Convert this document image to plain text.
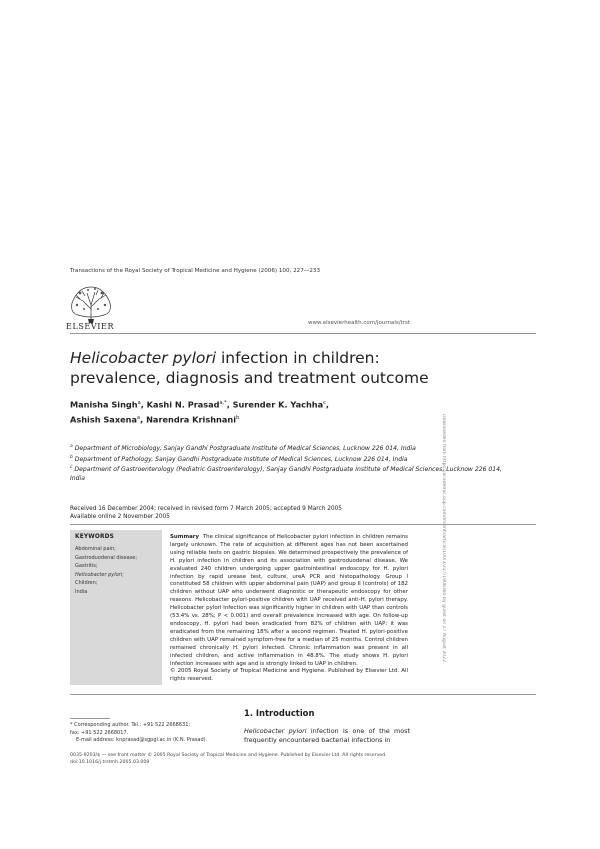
Transactions of the Royal Society of Tropical Medicine and Hygiene (2006) 100, 227—233
ELSEVIER	www.elsevierhealth.com/journals/trst
Helicobacter pylori infection in children:
prevalence, diagnosis and treatment outcome
Manisha Singh$^a$, Kashi N. Prasad$^{a,*}$, Surender K. Yachha$^c$,
Ashish Saxena$^a$, Narendra Krishnani$^b$
$^a$ Department of Microbiology, Sanjay Gandhi Postgraduate Institute of Medical Sciences, Lucknow 226 014, India
$^b$ Department of Pathology, Sanjay Gandhi Postgraduate Institute of Medical Sciences, Lucknow 226 014, India
$^c$ Department of Gastroenterology (Pediatric Gastroenterology), Sanjay Gandhi Postgraduate Institute of Medical Sciences, Lucknow 226 014, India
Received 16 December 2004; received in revised form 7 March 2005; accepted 9 March 2005
Available online 2 November 2005
KEYWORDS
Abdominal pain;
Gastroduodenal disease;
Gastritis;
Helicobacter pylori;
Children;
India
Summary The clinical significance of Helicobacter pylori infection in children remains largely unknown. The rate of acquisition at different ages has not been ascertained using reliable tests on gastric biopsies. We determined prospectively the prevalence of H. pylori infection in children and its association with gastroduodenal disease. We evaluated 240 children undergoing upper gastrointestinal endoscopy for H. pylori infection by rapid urease test, culture, ureA PCR and histopathology. Group I constituted 58 children with upper abdominal pain (UAP) and group II (controls) of 182 children without UAP who underwent diagnostic or therapeutic endoscopy for other reasons. Helicobacter pylori-positive children with UAP received anti-H. pylori therapy. Helicobacter pylori infection was significantly higher in children with UAP than controls (53.4% vs. 28%; P < 0.001) and overall prevalence increased with age. On follow-up endoscopy, H. pylori had been eradicated from 82% of children with UAP; it was eradicated from the remaining 18% after a second regimen. Treated H. pylori-positive children with UAP remained symptom-free for a median of 25 months. Control children remained chronically H. pylori infected. Chronic inflammation was present in all infected children, and active inflammation in 48.8%. The study shows H. pylori infection increases with age and is strongly linked to UAP in children.
© 2005 Royal Society of Tropical Medicine and Hygiene. Published by Elsevier Ltd. All rights reserved.
Downloaded from https://academic.oup.com/trstmh/article/100/3/227/1908380 by guest on 17 August 2022
* Corresponding author. Tel.: +91 522 2668631;
fax: +91 522 2668017.
E-mail address: knprasad@sgpgi.ac.in (K.N. Prasad).
1. Introduction
Helicobacter pylori infection is one of the most frequently encountered bacterial infections in
0035-9203/$ — see front matter © 2005 Royal Society of Tropical Medicine and Hygiene. Published by Elsevier Ltd. All rights reserved.
doi:10.1016/j.trstmh.2005.03.009
